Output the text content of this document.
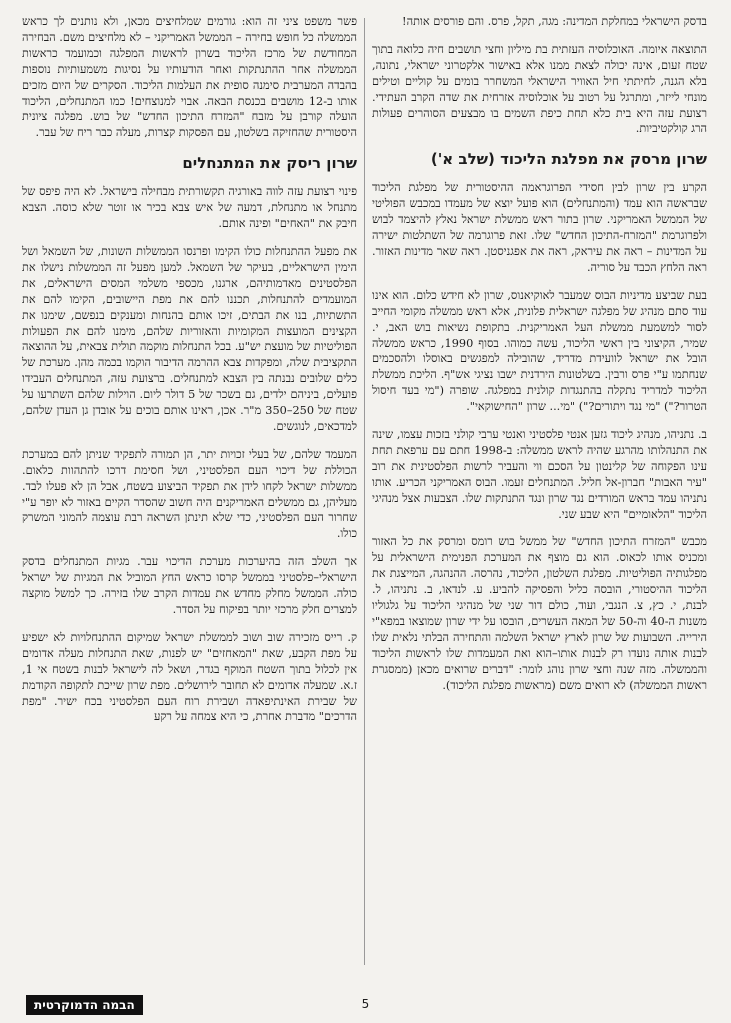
בדסק הישראלי במחלקת המדינה: מגה, תקל, פרס. והם פורסים אותה!

התוצאה איומה. האוכלוסיה העזתית בת מיליון וחצי תושבים חיה כלואה בתוך שטח זעום, אינה יכולה לצאת ממנו אלא באישור אלקטרוני ישראלי, נתונה, בלא הגנה, לחיתתי חיל האוויר הישראלי המשחרר בומים על קוליים וטילים מונחי לייזר, ומתרגל על רטוב על אוכלוסיה אזרחית את שדה הקרב העתידי. רצועת עזה היא בית כלא תחת כיפת השמים בו מבצעים הסוהרים פעולות הרג קולקטיביות.

שרון מרסק את מפלגת הליכוד (שלב א')

הקרע בין שרון לבין חסידי הפרוגראמה ההיסטורית של מפלגת הליכוד שבראשה הוא עמד (והמתנחלים) הוא פועל יוצא של מעמדו במכבש הפוליטי של הממשל האמריקני. שרון בתור ראש ממשלת ישראל נאלץ להיצמד לבוש ולפרוגרמת "המזרח-התיכון החדש" שלו. זאת פרוגרמה של השתלטות ישירה על המדינות – ראה את עיראק, ראה את אפגניסטן. ראה שאר מדינות האזור. ראה הלחץ הכבד על סוריה.

בעת שביצע מדיניות הבוס שמעבר לאוקיאנוס, שרון לא חידש כלום. הוא אינו עוד סתם מנהיג של מפלגה ישראלית פלונית, אלא ראש ממשלה מקומי החייב לסור למשמעת ממשלת העל האמריקנית. בתקופת נשיאות בוש האב, י. שמיר, הקיצוני בין ראשי הליכוד, עשה כמוהו. בסוף 1990, כראש ממשלה הובל את ישראל לוועידת מדריד, שהובילה למפגשים באוסלו ולהסכמים שנחתמו ע"י פרס ורבין. בשלטונות הירדנית ישבו נציגי אש"ף. הליכת ממשלת הליכוד למדריד נתקלה בהתנגדות קולנית במפלגה. שופרה ("מי בעד חיסול הטרור?") "מי נגד ויתורים?") "מי... שרון "החישוקאי".

ב. נתניהו, מנהיג ליכוד גזען אנטי פלסטיני ואנטי ערבי קולני בזכות עצמו, שינה את התנהלותו מהרגע שהיה לראש ממשלה: ב-1998 חתם עם ערפאת תחת עינו הפקוחה של קלינטון על הסכם ווי והעביר לרשות הפלסטינית את רוב "עיר האבות" חברון-אל חליל. המתנחלים זעמו. הבוס האמריקני הכריע. אותו נתניהו עמד בראש המורדים נגד שרון ונגד התנתקות שלו. הצבעות אצל מנהיגי הליכוד "הלאומיים" היא שבע שני.

מכבש "המזרח התיכון החדש" של ממשל בוש רומס ומרסק את כל האזור ומכניס אותו לכאוס. הוא גם מוצף את המערכת הפנימית הישראלית על מפלגותיה הפוליטיות. מפלגת השלטון, הליכוד, נהרסה. ההנהגה, המייצגת את הליכוד ההיסטורי, הובסה כליל והפסיקה להביע. ע. לנדאו, ב. נתניהו, ל. לבנת, י. כץ, צ. הנגבי, ועוד, כולם דור שני של מנהיגי הליכוד על גלגוליו משנות ה-40 וה-50 של המאה העשרים, הובסו על ידי שרון שמוצאו במפא"י הירייה. השבועות של שרון לארץ ישראל השלמה והתחירה הבלתי נלאית שלו לבנות אותה נועדו רק לבנות אותו–הוא ואת המעמדות שלו לראשות הליכוד והממשלה. מזה שנה וחצי שרון נוהג לומר: "דברים שרואים מכאן (ממסגרת ראשות הממשלה) לא רואים משם (מראשות מפלגת הליכוד).

פשר משפט ציני זה הוא: גורמים שמלחיצים מכאן, ולא נותנים לך כראש הממשלה כל חופש בחירה – הממשל האמריקני – לא מלחיצים משם. הבחירה המחודשת של מרכז הליכוד בשרון לראשות המפלגה וכמועמד כראשות הממשלה אחר ההתנתקות ואחר הודעותיו על נסיגות משמעותיות נוספות בהבדה המערבית סימנה סופית את העלמות הליכוד. הסקרים של היום מזכים אותו ב-12 מושבים בכנסת הבאה. אבוי למנוצחים! כמו המתנחלים, הליכוד הועלה קורבן על מזבח "המזרח התיכון החדש" של בוש. מפלגה ציונית היסטורית שהחזיקה בשלטון, עם הפסקות קצרות, מעלה כבר ריח של עבר.

שרון ריסק את המתנחלים

פינוי רצועת עזה לווה באורגיה תקשורתית מבחילה בישראל. לא היה פיפס של מתנחל או מתנחלת, דמעה של איש צבא בכיר או זוטר שלא כוסה. הצבא חיבק את "האחים" ופינה אותם.

את מפעל ההתנחלות כולו הקימו ופרנסו הממשלות השונות, של השמאל ושל הימין הישראליים, בעיקר של השמאל. למען מפעל זה הממשלות נישלו את הפלסטינים מאדמותיהם, ארגנו, מכספי משלמי המסים הישראלים, את המועמדים להתנחלות, תכננו להם את מפת היישובים, הקימו להם את התשתיות, בנו את הבתים, זיכו אותם בהנחות ומענקים בנפשם, שימנו את הקצינים המועצות המקומיות והאזוריות שלהם, מימנו להם את הפעולות הפוליטיות של מועצת יש"ע. בכל התנחלות מוקמה תולית צבאית, על ההוצאה התקציבית שלה, ומפקדות צבא ההרמה הדיבור הוקמו בכמה מהן. מערכת של כלים שלובים נבנתה בין הצבא למתנחלים. ברצועת עזה, המתנחלים העבידו פועלים, ביניהם ילדים, גם בשכר של 5 דולר ליום. הוילות שלהם השתרעו על שטח של 250–350 מ"ר. אכן, ראינו אותם בוכים על אובדן גן העדן שלהם, למדכאים, לנוגשים.

המעמד שלהם, של בעלי זכויות יתר, הן תמורה לתפקיד שניתן להם במערכת הכוללת של דיכוי העם הפלסטיני, ושל חסימת דרכו להתהוות כלאום. ממשלות ישראל לקחו לידן את תפקיד הביצוע בשטח, אבל הן לא פעלו לבד. מעליהן, גם ממשלים האמריקנים היה חשוב שהסדר הקיים באזור לא יופר ע"י שחרור העם הפלסטיני, כדי שלא תינתן השראה רבת עוצמה להמוני המשרק כולו.

אך השלב הזה בהיערכות מערכת הדיכוי עבר. מגיות המתנחלים בדסק הישראלי–פלסטיני בממשל קרסו כראש החץ המוביל את המגיות של ישראל כולה. הממשל מחלק מחדש את עמדות הקרב שלו בזירה. כך למשל מוקצה למצרים חלק מרכזי יותר בפיקוח על הסדר.

ק. רייס מזכירה שוב ושוב לממשלת ישראל שמיקום ההתנחלויות לא ישפיע על מפת הקבע, שאת "המאחזים" יש לפנות, שאת התנחלות מעלה אדומים אין לכלול בתוך השטח המוקף בגדר, ושאל לה לישראל לבנות בשטח אי 1, ז.א. שמעלה אדומים לא תחובר לירושלים. מפת שרון שייכת לתקופה הקודמת של שבירת האינתיפאדה ושבירת רוח העם הפלסטיני בכח ישיר. "מפת הדרכים" מדברת אחרת, כי היא צמחה על רקע

5
הבמה הדמוקרטית
